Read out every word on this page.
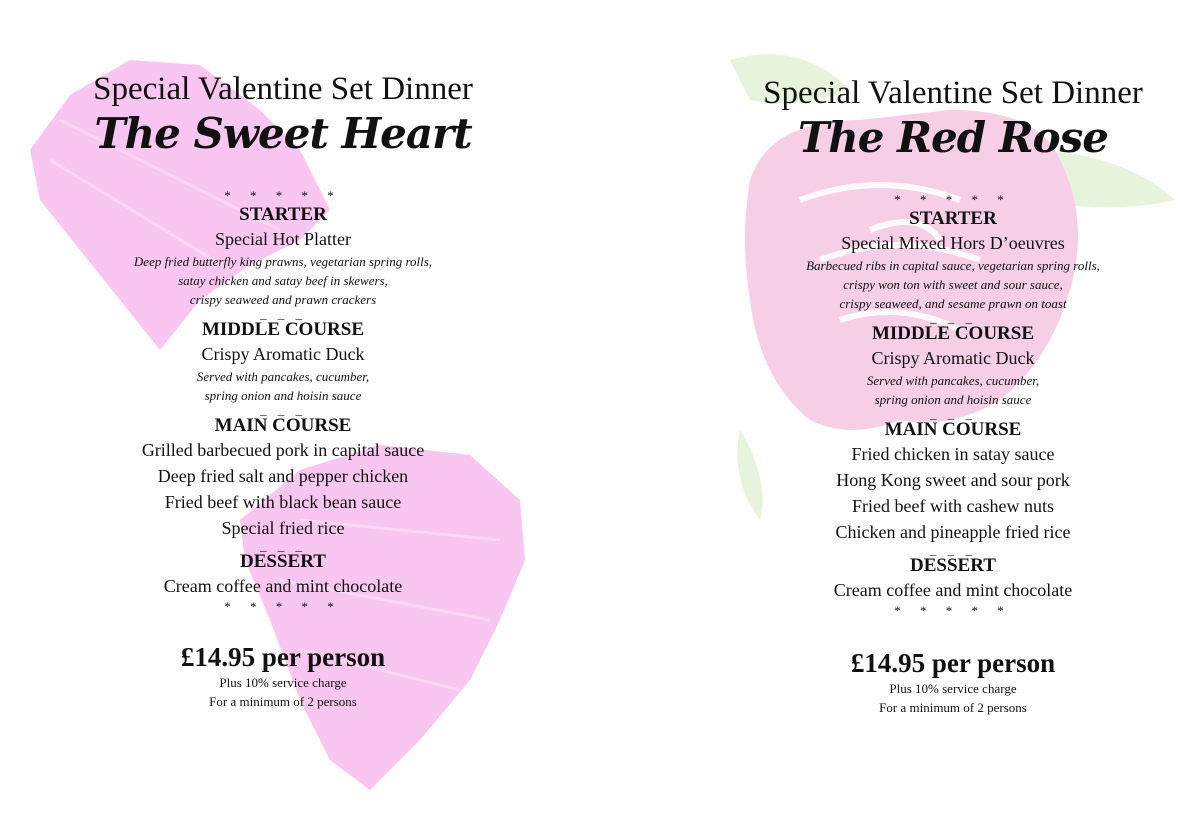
Special Valentine Set Dinner
The Sweet Heart
* * * * *
STARTER
Special Hot Platter
Deep fried butterfly king prawns, vegetarian spring rolls,
satay chicken and satay beef in skewers,
crispy seaweed and prawn crackers
_ _ _
MIDDLE COURSE
Crispy Aromatic Duck
Served with pancakes, cucumber,
spring onion and hoisin sauce
_ _ _
MAIN COURSE
Grilled barbecued pork in capital sauce
Deep fried salt and pepper chicken
Fried beef with black bean sauce
Special fried rice
_ _ _
DESSERT
Cream coffee and mint chocolate
* * * * *
£14.95 per person
Plus 10% service charge
For a minimum of 2 persons
Special Valentine Set Dinner
The Red Rose
* * * * *
STARTER
Special Mixed Hors D’oeuvres
Barbecued ribs in capital sauce, vegetarian spring rolls,
crispy won ton with sweet and sour sauce,
crispy seaweed, and sesame prawn on toast
_ _ _
MIDDLE COURSE
Crispy Aromatic Duck
Served with pancakes, cucumber,
spring onion and hoisin sauce
_ _ _
MAIN COURSE
Fried chicken in satay sauce
Hong Kong sweet and sour pork
Fried beef with cashew nuts
Chicken and pineapple fried rice
_ _ _
DESSERT
Cream coffee and mint chocolate
* * * * *
£14.95 per person
Plus 10% service charge
For a minimum of 2 persons
